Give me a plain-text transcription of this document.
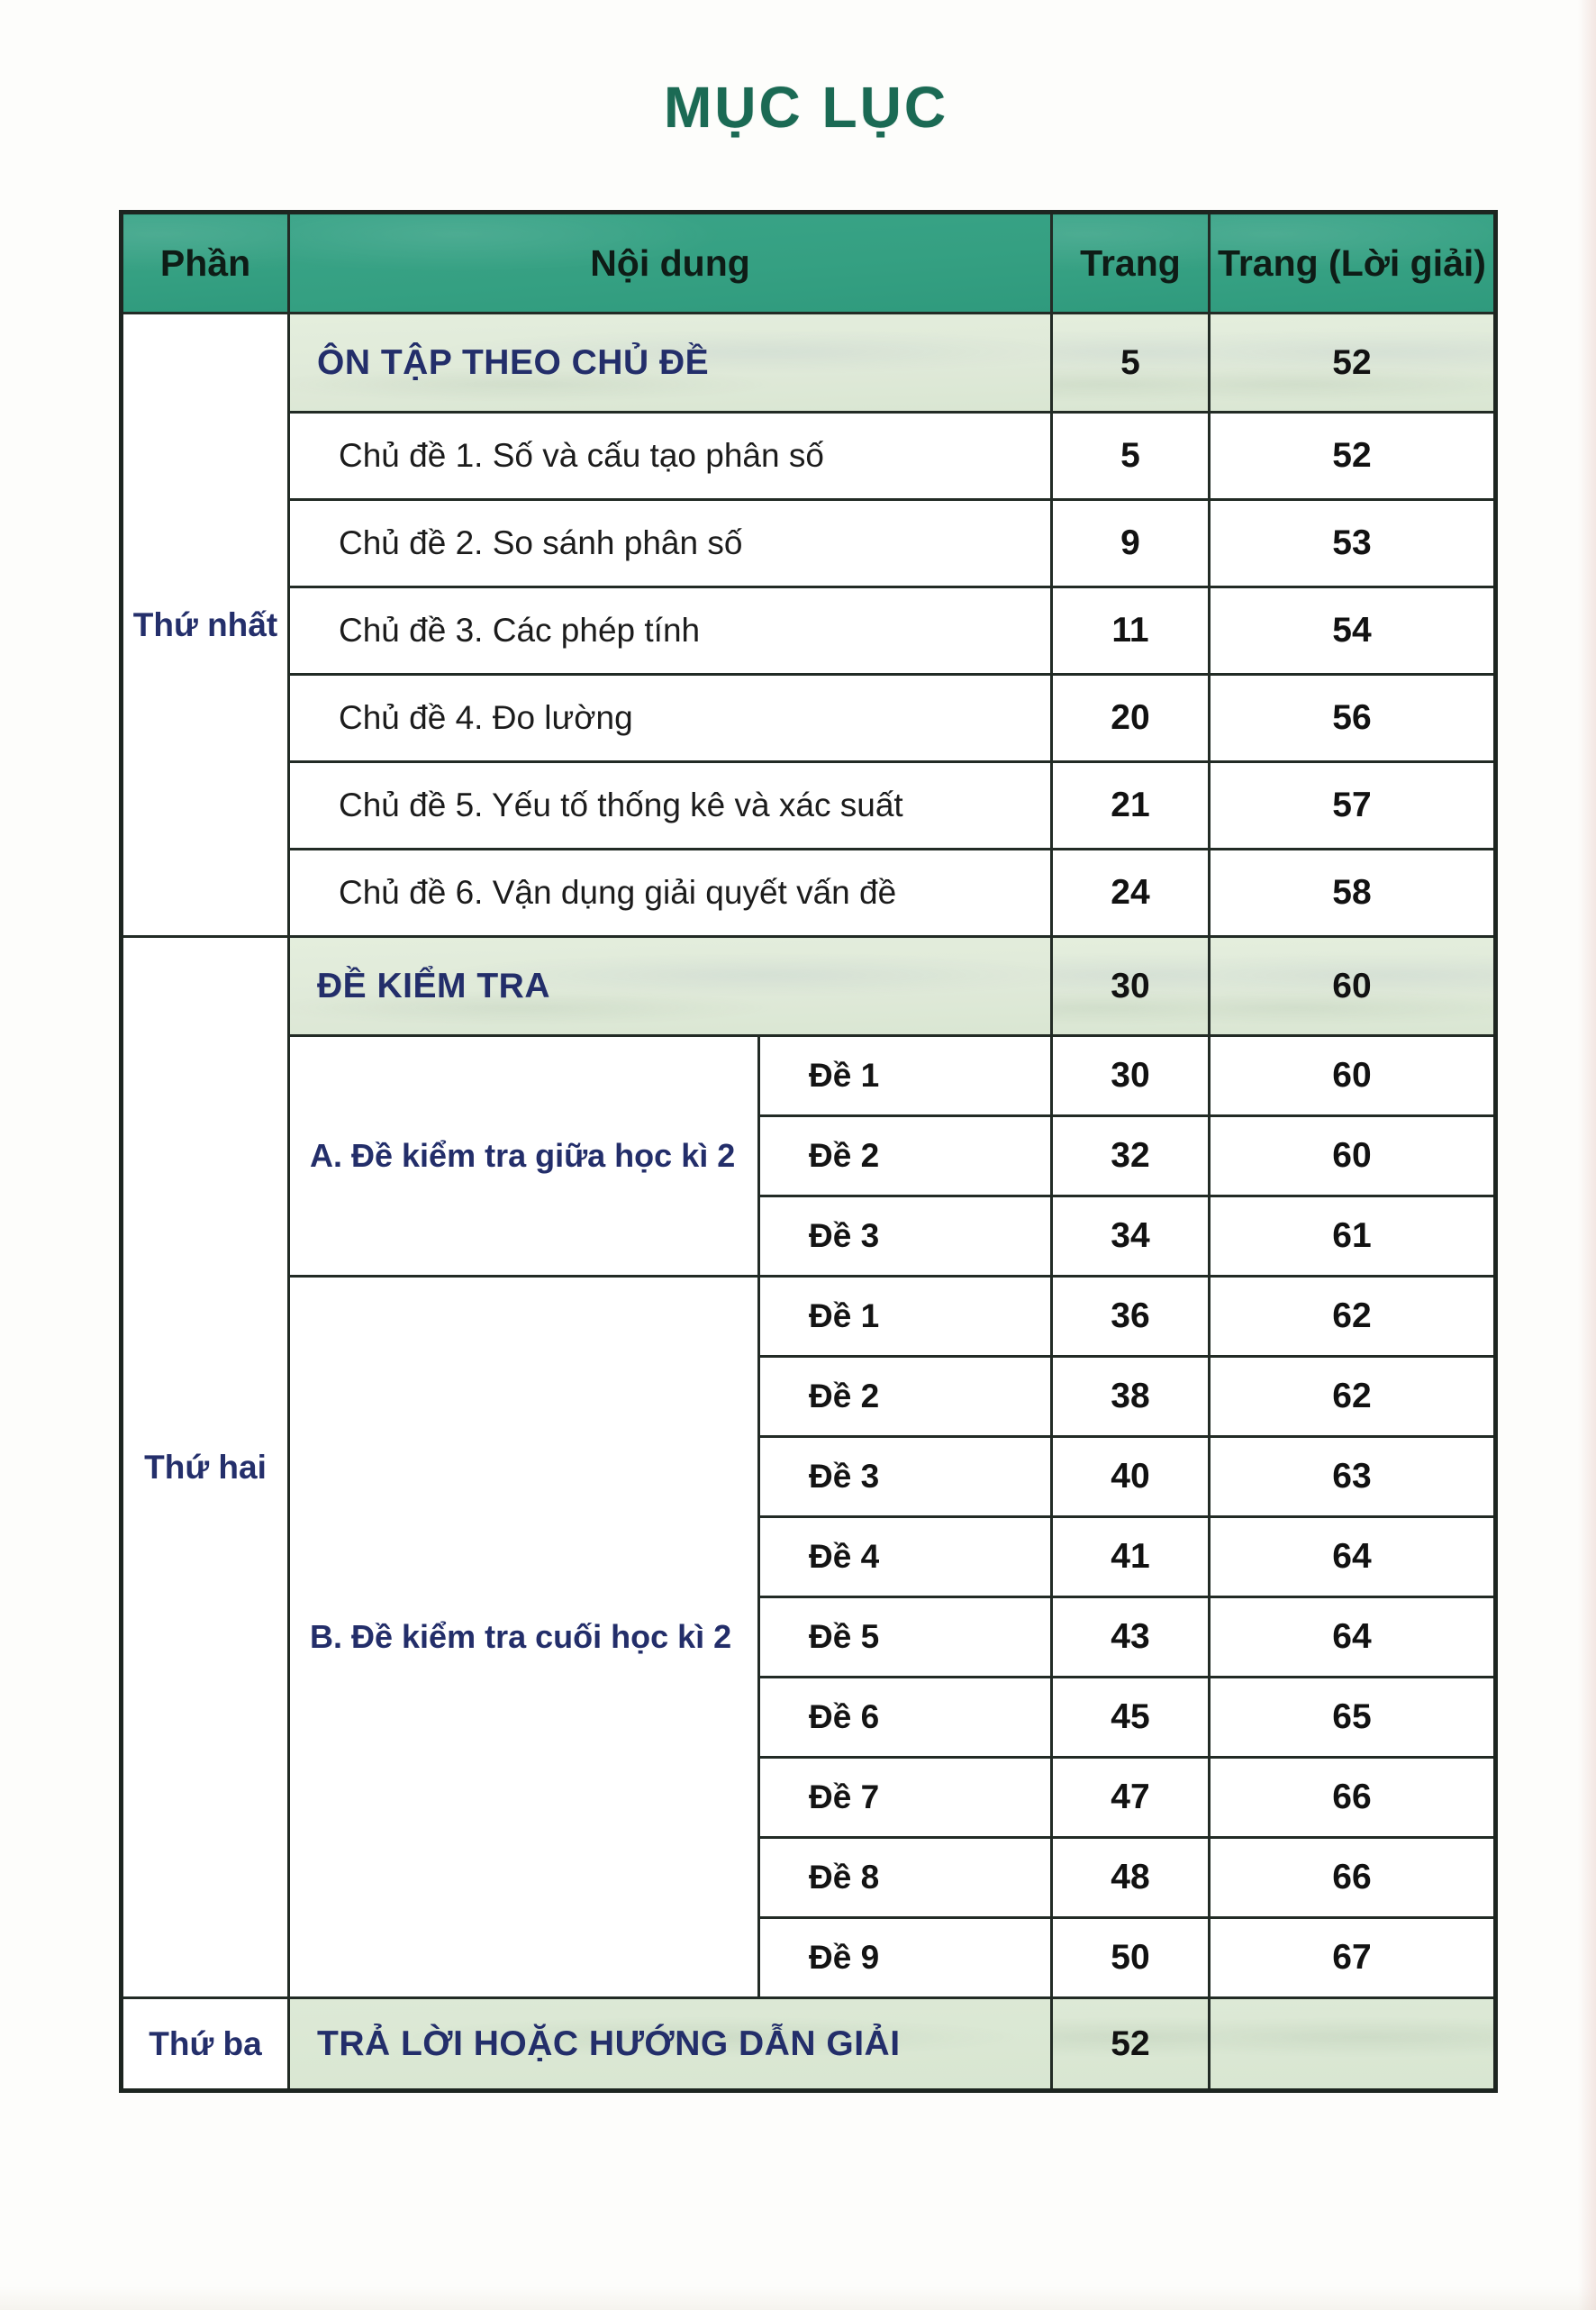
MỤC LỤC
Phần	Nội dung		Trang	Trang (Lời giải)
Thứ nhất	ÔN TẬP THEO CHỦ ĐỀ		5	52
	Chủ đề 1. Số và cấu tạo phân số		5	52
	Chủ đề 2. So sánh phân số		9	53
	Chủ đề 3. Các phép tính		11	54
	Chủ đề 4. Đo lường		20	56
	Chủ đề 5. Yếu tố thống kê và xác suất		21	57
	Chủ đề 6. Vận dụng giải quyết vấn đề		24	58
Thứ hai	ĐỀ KIỂM TRA		30	60
	A. Đề kiểm tra giữa học kì 2	Đề 1	30	60
		Đề 2	32	60
		Đề 3	34	61
	B. Đề kiểm tra cuối học kì 2	Đề 1	36	62
		Đề 2	38	62
		Đề 3	40	63
		Đề 4	41	64
		Đề 5	43	64
		Đề 6	45	65
		Đề 7	47	66
		Đề 8	48	66
		Đề 9	50	67
Thứ ba	TRẢ LỜI HOẶC HƯỚNG DẪN GIẢI		52	
